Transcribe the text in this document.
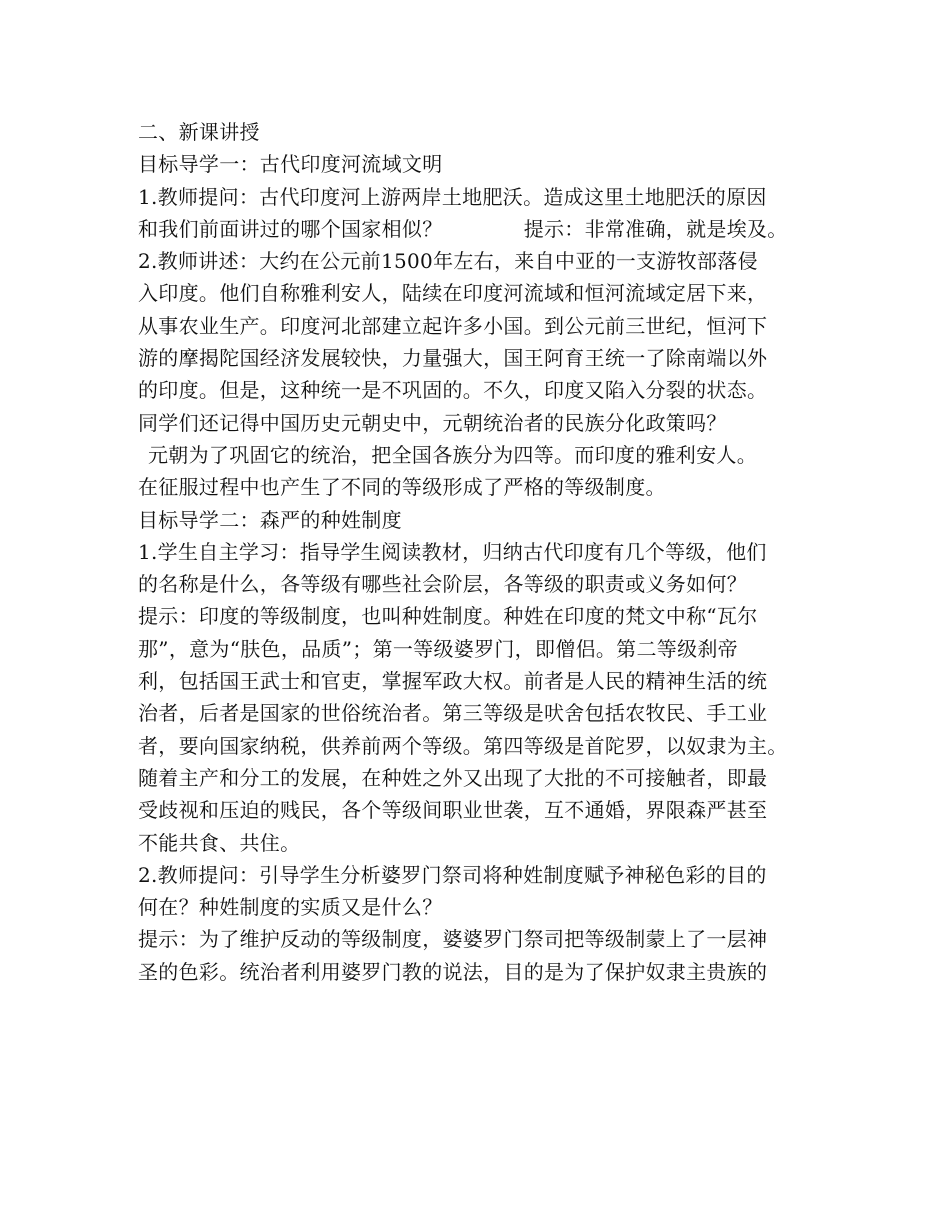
二、新课讲授
目标导学一：古代印度河流域文明
1.教师提问：古代印度河上游两岸土地肥沃。造成这里土地肥沃的原因
和我们前面讲过的哪个国家相似？　　　　提示：非常准确，就是埃及。
2.教师讲述：大约在公元前1500年左右，来自中亚的一支游牧部落侵
入印度。他们自称雅利安人，陆续在印度河流域和恒河流域定居下来，
从事农业生产。印度河北部建立起许多小国。到公元前三世纪，恒河下
游的摩揭陀国经济发展较快，力量强大，国王阿育王统一了除南端以外
的印度。但是，这种统一是不巩固的。不久，印度又陷入分裂的状态。
同学们还记得中国历史元朝史中，元朝统治者的民族分化政策吗？
元朝为了巩固它的统治，把全国各族分为四等。而印度的雅利安人。
在征服过程中也产生了不同的等级形成了严格的等级制度。
目标导学二：森严的种姓制度
1.学生自主学习：指导学生阅读教材，归纳古代印度有几个等级，他们
的名称是什么，各等级有哪些社会阶层，各等级的职责或义务如何？
提示：印度的等级制度，也叫种姓制度。种姓在印度的梵文中称“瓦尔
那”，意为“肤色，品质”；第一等级婆罗门，即僧侣。第二等级刹帝
利，包括国王武士和官吏，掌握军政大权。前者是人民的精神生活的统
治者，后者是国家的世俗统治者。第三等级是吠舍包括农牧民、手工业
者，要向国家纳税，供养前两个等级。第四等级是首陀罗，以奴隶为主。
随着主产和分工的发展，在种姓之外又出现了大批的不可接触者，即最
受歧视和压迫的贱民，各个等级间职业世袭，互不通婚，界限森严甚至
不能共食、共住。
2.教师提问：引导学生分析婆罗门祭司将种姓制度赋予神秘色彩的目的
何在？种姓制度的实质又是什么？
提示：为了维护反动的等级制度，婆婆罗门祭司把等级制蒙上了一层神
圣的色彩。统治者利用婆罗门教的说法，目的是为了保护奴隶主贵族的
